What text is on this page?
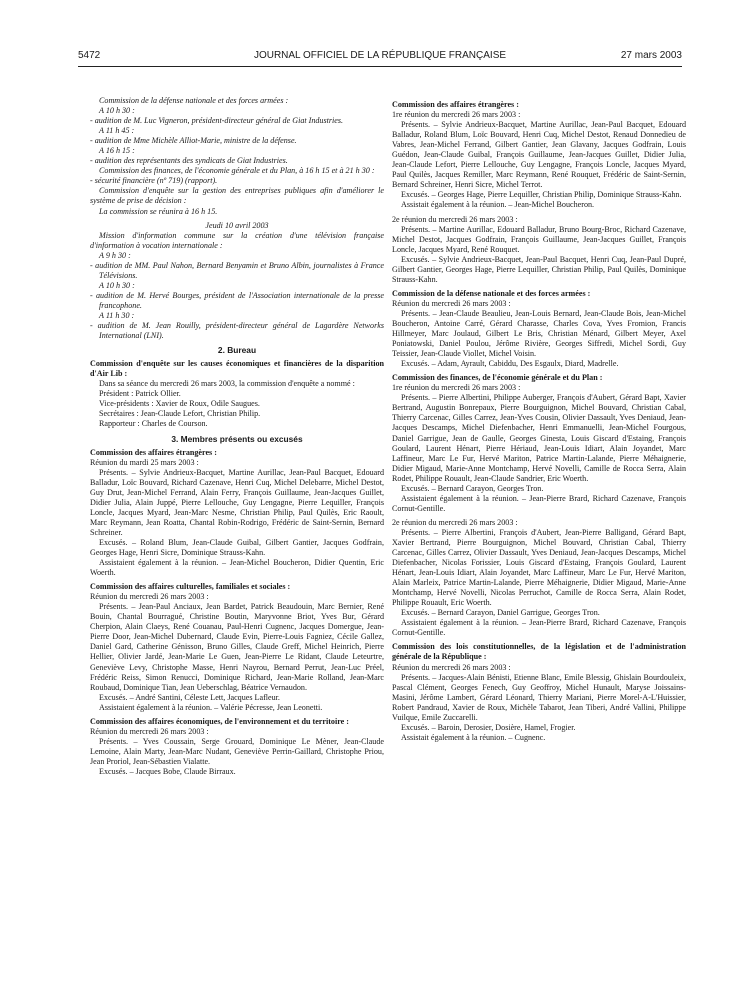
5472	JOURNAL OFFICIEL DE LA RÉPUBLIQUE FRANÇAISE	27 mars 2003

Commission de la défense nationale et des forces armées :

A 10 h 30 :

- audition de M. Luc Vigneron, président-directeur général de Giat Industries.

A 11 h 45 :

- audition de Mme Michèle Alliot-Marie, ministre de la défense.

A 16 h 15 :

- audition des représentants des syndicats de Giat Industries.

Commission des finances, de l'économie générale et du Plan, à 16 h 15 et à 21 h 30 :

- sécurité financière (nº 719) (rapport).

Commission d'enquête sur la gestion des entreprises publiques afin d'améliorer le système de prise de décision :

La commission se réunira à 16 h 15.

Jeudi 10 avril 2003

Mission d'information commune sur la création d'une télévision française d'information à vocation internationale :

A 9 h 30 :

- audition de MM. Paul Nahon, Bernard Benyamin et Bruno Albin, journalistes à France Télévisions.

A 10 h 30 :

- audition de M. Hervé Bourges, président de l'Association internationale de la presse francophone.

A 11 h 30 :

- audition de M. Jean Rouilly, président-directeur général de Lagardère Networks International (LNI).

2. Bureau

Commission d'enquête sur les causes économiques et financières de la disparition d'Air Lib :

Dans sa séance du mercredi 26 mars 2003, la commission d'enquête a nommé :

Président : Patrick Ollier.

Vice-présidents : Xavier de Roux, Odile Saugues.

Secrétaires : Jean-Claude Lefort, Christian Philip.

Rapporteur : Charles de Courson.

3. Membres présents ou excusés

Commission des affaires étrangères :

Réunion du mardi 25 mars 2003 :

Présents. – Sylvie Andrieux-Bacquet, Martine Aurillac, Jean-Paul Bacquet, Edouard Balladur, Loïc Bouvard, Richard Cazenave, Henri Cuq, Michel Delebarre, Michel Destot, Guy Drut, Jean-Michel Ferrand, Alain Ferry, François Guillaume, Jean-Jacques Guillet, Didier Julia, Alain Juppé, Pierre Lellouche, Guy Lengagne, Pierre Lequiller, François Loncle, Jacques Myard, Jean-Marc Nesme, Christian Philip, Paul Quilès, Eric Raoult, Marc Reymann, Jean Roatta, Chantal Robin-Rodrigo, Frédéric de Saint-Sernin, Bernard Schreiner.

Excusés. – Roland Blum, Jean-Claude Guibal, Gilbert Gantier, Jacques Godfrain, Georges Hage, Henri Sicre, Dominique Strauss-Kahn.

Assistaient également à la réunion. – Jean-Michel Boucheron, Didier Quentin, Eric Woerth.

Commission des affaires culturelles, familiales et sociales :

Réunion du mercredi 26 mars 2003 :

Présents. – Jean-Paul Anciaux, Jean Bardet, Patrick Beaudouin, Marc Bernier, René Bouin, Chantal Bourragué, Christine Boutin, Maryvonne Briot, Yves Bur, Gérard Cherpion, Alain Claeys, René Couanau, Paul-Henri Cugnenc, Jacques Domergue, Jean-Pierre Door, Jean-Michel Dubernard, Claude Evin, Pierre-Louis Fagniez, Cécile Gallez, Daniel Gard, Catherine Génisson, Bruno Gilles, Claude Greff, Michel Heinrich, Pierre Hellier, Olivier Jardé, Jean-Marie Le Guen, Jean-Pierre Le Ridant, Claude Leteurtre, Geneviève Levy, Christophe Masse, Henri Nayrou, Bernard Perrut, Jean-Luc Préel, Frédéric Reiss, Simon Renucci, Dominique Richard, Jean-Marie Rolland, Jean-Marc Roubaud, Dominique Tian, Jean Ueberschlag, Béatrice Vernaudon.

Excusés. – André Santini, Céleste Lett, Jacques Lafleur.

Assistaient également à la réunion. – Valérie Pécresse, Jean Leonetti.

Commission des affaires économiques, de l'environnement et du territoire :

Réunion du mercredi 26 mars 2003 :

Présents. – Yves Coussain, Serge Grouard, Dominique Le Mèner, Jean-Claude Lemoine, Alain Marty, Jean-Marc Nudant, Geneviève Perrin-Gaillard, Christophe Priou, Jean Proriol, Jean-Sébastien Vialatte.

Excusés. – Jacques Bobe, Claude Birraux.

Commission des affaires étrangères :

1re réunion du mercredi 26 mars 2003 :

Présents. – Sylvie Andrieux-Bacquet, Martine Aurillac, Jean-Paul Bacquet, Edouard Balladur, Roland Blum, Loïc Bouvard, Henri Cuq, Michel Destot, Renaud Donnedieu de Vabres, Jean-Michel Ferrand, Gilbert Gantier, Jean Glavany, Jacques Godfrain, Louis Guédon, Jean-Claude Guibal, François Guillaume, Jean-Jacques Guillet, Didier Julia, Jean-Claude Lefort, Pierre Lellouche, Guy Lengagne, François Loncle, Jacques Myard, Paul Quilès, Jacques Remiller, Marc Reymann, René Rouquet, Frédéric de Saint-Sernin, Bernard Schreiner, Henri Sicre, Michel Terrot.

Excusés. – Georges Hage, Pierre Lequiller, Christian Philip, Dominique Strauss-Kahn.

Assistait également à la réunion. – Jean-Michel Boucheron.

2e réunion du mercredi 26 mars 2003 :

Présents. – Martine Aurillac, Edouard Balladur, Bruno Bourg-Broc, Richard Cazenave, Michel Destot, Jacques Godfrain, François Guillaume, Jean-Jacques Guillet, François Loncle, Jacques Myard, René Rouquet.

Excusés. – Sylvie Andrieux-Bacquet, Jean-Paul Bacquet, Henri Cuq, Jean-Paul Dupré, Gilbert Gantier, Georges Hage, Pierre Lequiller, Christian Philip, Paul Quilès, Dominique Strauss-Kahn.

Commission de la défense nationale et des forces armées :

Réunion du mercredi 26 mars 2003 :

Présents. – Jean-Claude Beaulieu, Jean-Louis Bernard, Jean-Claude Bois, Jean-Michel Boucheron, Antoine Carré, Gérard Charasse, Charles Cova, Yves Fromion, Francis Hillmeyer, Marc Joulaud, Gilbert Le Bris, Christian Ménard, Gilbert Meyer, Axel Poniatowski, Daniel Poulou, Jérôme Rivière, Georges Siffredi, Michel Sordi, Guy Teissier, Jean-Claude Viollet, Michel Voisin.

Excusés. – Adam, Ayrault, Cabiddu, Des Esgaulx, Diard, Madrelle.

Commission des finances, de l'économie générale et du Plan :

1re réunion du mercredi 26 mars 2003 :

Présents. – Pierre Albertini, Philippe Auberger, François d'Aubert, Gérard Bapt, Xavier Bertrand, Augustin Bonrepaux, Pierre Bourguignon, Michel Bouvard, Christian Cabal, Thierry Carcenac, Gilles Carrez, Jean-Yves Cousin, Olivier Dassault, Yves Deniaud, Jean-Jacques Descamps, Michel Diefenbacher, Henri Emmanuelli, Jean-Michel Fourgous, Daniel Garrigue, Jean de Gaulle, Georges Ginesta, Louis Giscard d'Estaing, François Goulard, Laurent Hénart, Pierre Hériaud, Jean-Louis Idiart, Alain Joyandet, Marc Laffineur, Marc Le Fur, Hervé Mariton, Patrice Martin-Lalande, Pierre Méhaignerie, Didier Migaud, Marie-Anne Montchamp, Hervé Novelli, Camille de Rocca Serra, Alain Rodet, Philippe Rouault, Jean-Claude Sandrier, Eric Woerth.

Excusés. – Bernard Carayon, Georges Tron.

Assistaient également à la réunion. – Jean-Pierre Brard, Richard Cazenave, François Cornut-Gentille.

2e réunion du mercredi 26 mars 2003 :

Présents. – Pierre Albertini, François d'Aubert, Jean-Pierre Balligand, Gérard Bapt, Xavier Bertrand, Pierre Bourguignon, Michel Bouvard, Christian Cabal, Thierry Carcenac, Gilles Carrez, Olivier Dassault, Yves Deniaud, Jean-Jacques Descamps, Michel Diefenbacher, Nicolas Forissier, Louis Giscard d'Estaing, François Goulard, Laurent Hénart, Jean-Louis Idiart, Alain Joyandet, Marc Laffineur, Marc Le Fur, Hervé Mariton, Alain Marleix, Patrice Martin-Lalande, Pierre Méhaignerie, Didier Migaud, Marie-Anne Montchamp, Hervé Novelli, Nicolas Perruchot, Camille de Rocca Serra, Alain Rodet, Philippe Rouault, Eric Woerth.

Excusés. – Bernard Carayon, Daniel Garrigue, Georges Tron.

Assistaient également à la réunion. – Jean-Pierre Brard, Richard Cazenave, François Cornut-Gentille.

Commission des lois constitutionnelles, de la législation et de l'administration générale de la République :

Réunion du mercredi 26 mars 2003 :

Présents. – Jacques-Alain Bénisti, Etienne Blanc, Emile Blessig, Ghislain Bourdouleix, Pascal Clément, Georges Fenech, Guy Geoffroy, Michel Hunault, Maryse Joissains-Masini, Jérôme Lambert, Gérard Léonard, Thierry Mariani, Pierre Morel-A-L'Huissier, Robert Pandraud, Xavier de Roux, Michèle Tabarot, Jean Tiberi, André Vallini, Philippe Vuilque, Emile Zuccarelli.

Excusés. – Baroin, Derosier, Dosière, Hamel, Frogier.

Assistait également à la réunion. – Cugnenc.
